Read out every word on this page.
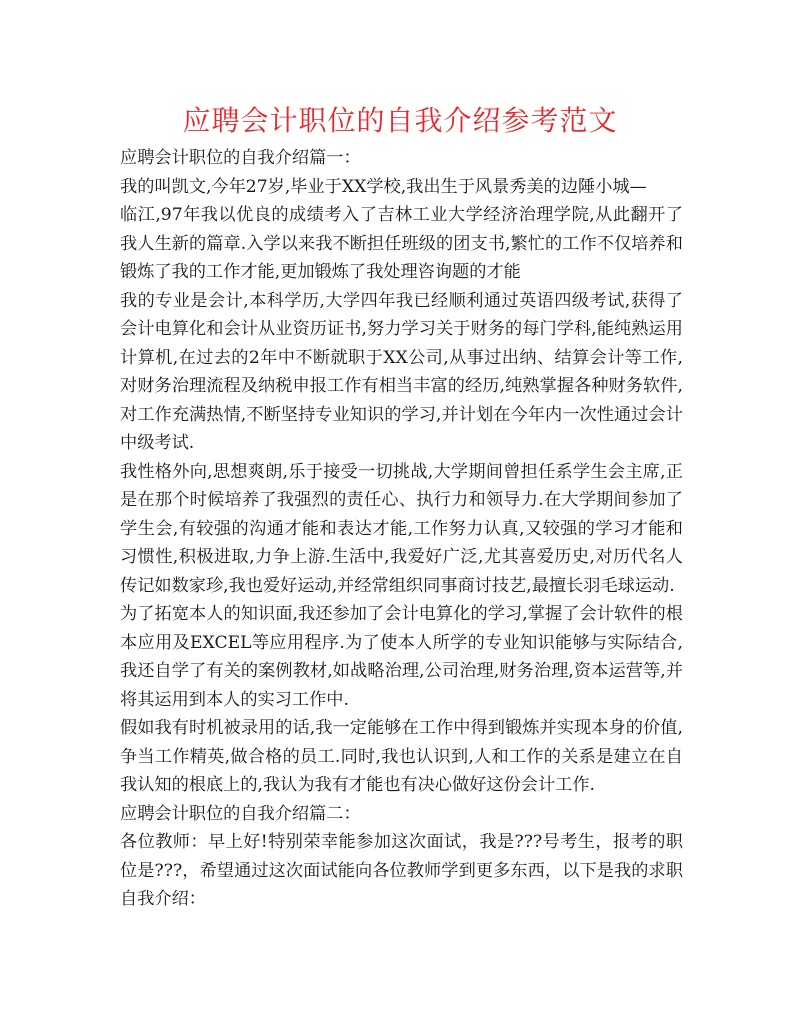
应聘会计职位的自我介绍参考范文

应聘会计职位的自我介绍篇一：

我的叫凯文,今年27岁,毕业于XX学校,我出生于风景秀美的边陲小城—

临江,97年我以优良的成绩考入了吉林工业大学经济治理学院,从此翻开了我人生新的篇章.入学以来我不断担任班级的团支书,繁忙的工作不仅培养和锻炼了我的工作才能,更加锻炼了我处理咨询题的才能

我的专业是会计,本科学历,大学四年我已经顺利通过英语四级考试,获得了会计电算化和会计从业资历证书,努力学习关于财务的每门学科,能纯熟运用计算机,在过去的2年中不断就职于XX公司,从事过出纳、结算会计等工作,对财务治理流程及纳税申报工作有相当丰富的经历,纯熟掌握各种财务软件,对工作充满热情,不断坚持专业知识的学习,并计划在今年内一次性通过会计中级考试.

我性格外向,思想爽朗,乐于接受一切挑战,大学期间曾担任系学生会主席,正是在那个时候培养了我强烈的责任心、执行力和领导力.在大学期间参加了学生会,有较强的沟通才能和表达才能,工作努力认真,又较强的学习才能和习惯性,积极进取,力争上游.生活中,我爱好广泛,尤其喜爱历史,对历代名人传记如数家珍,我也爱好运动,并经常组织同事商讨技艺,最擅长羽毛球运动.

为了拓宽本人的知识面,我还参加了会计电算化的学习,掌握了会计软件的根本应用及EXCEL等应用程序.为了使本人所学的专业知识能够与实际结合,我还自学了有关的案例教材,如战略治理,公司治理,财务治理,资本运营等,并将其运用到本人的实习工作中.

假如我有时机被录用的话,我一定能够在工作中得到锻炼并实现本身的价值,争当工作精英,做合格的员工.同时,我也认识到,人和工作的关系是建立在自我认知的根底上的,我认为我有才能也有决心做好这份会计工作.

应聘会计职位的自我介绍篇二：

各位教师：早上好!特别荣幸能参加这次面试，我是???号考生，报考的职位是???，希望通过这次面试能向各位教师学到更多东西，以下是我的求职自我介绍：
